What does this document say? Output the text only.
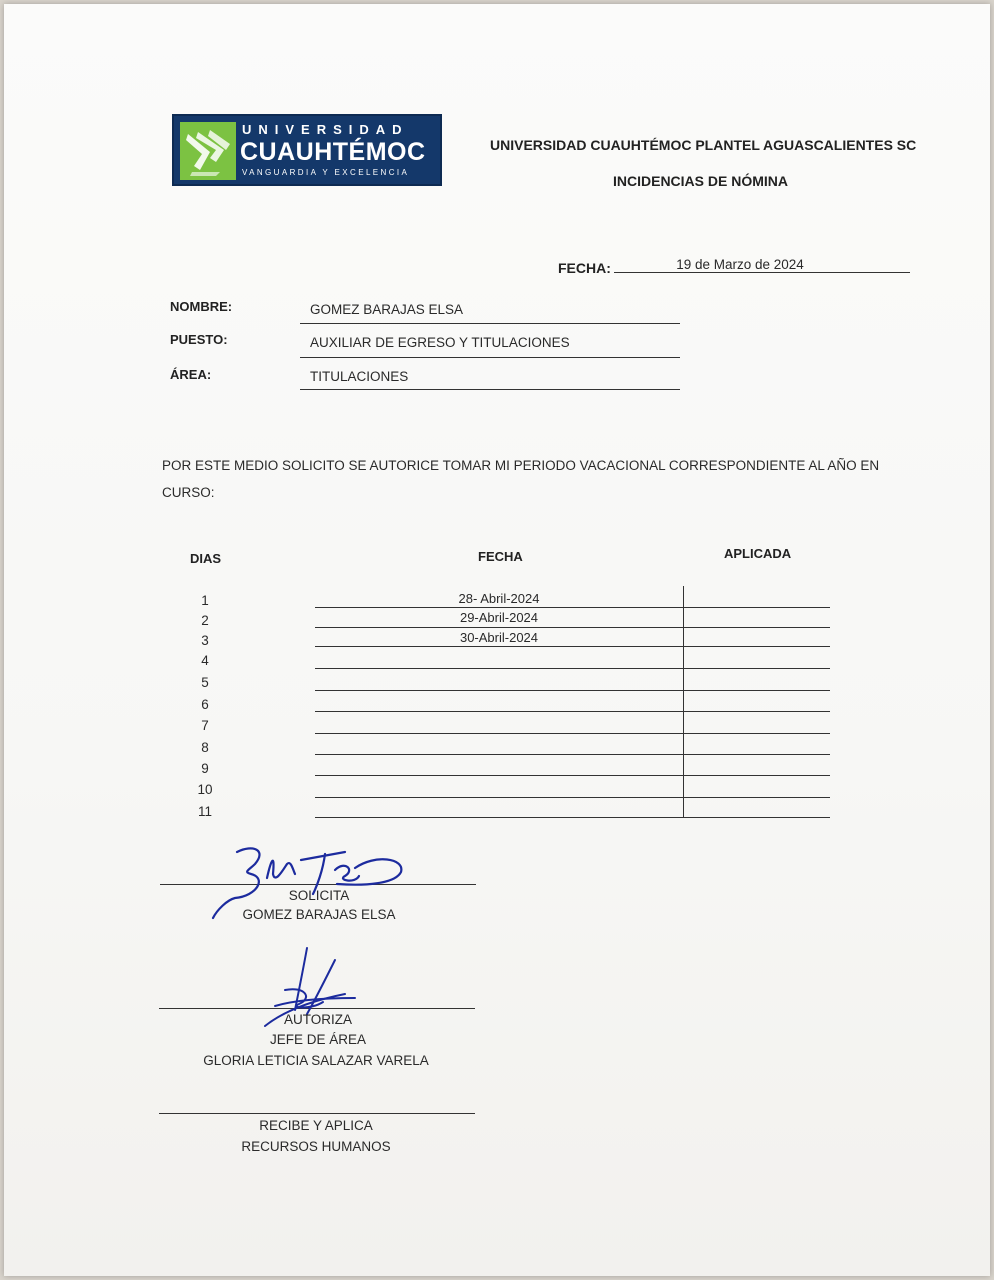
UNIVERSIDAD
CUAUHTÉMOC
VANGUARDIA Y EXCELENCIA
UNIVERSIDAD CUAUHTÉMOC PLANTEL AGUASCALIENTES SC
INCIDENCIAS DE NÓMINA
FECHA:	19 de Marzo de 2024
NOMBRE:	GOMEZ BARAJAS ELSA
PUESTO:	AUXILIAR DE EGRESO Y TITULACIONES
ÁREA:	TITULACIONES
POR ESTE MEDIO SOLICITO SE AUTORICE TOMAR MI PERIODO VACACIONAL CORRESPONDIENTE AL AÑO EN
CURSO:
DIAS	FECHA	APLICADA
1	28- Abril-2024
2	29-Abril-2024
3	30-Abril-2024
4
5
6
7
8
9
10
11
SOLICITA
GOMEZ BARAJAS ELSA
AUTORIZA
JEFE DE ÁREA
GLORIA LETICIA SALAZAR VARELA
RECIBE Y APLICA
RECURSOS HUMANOS
